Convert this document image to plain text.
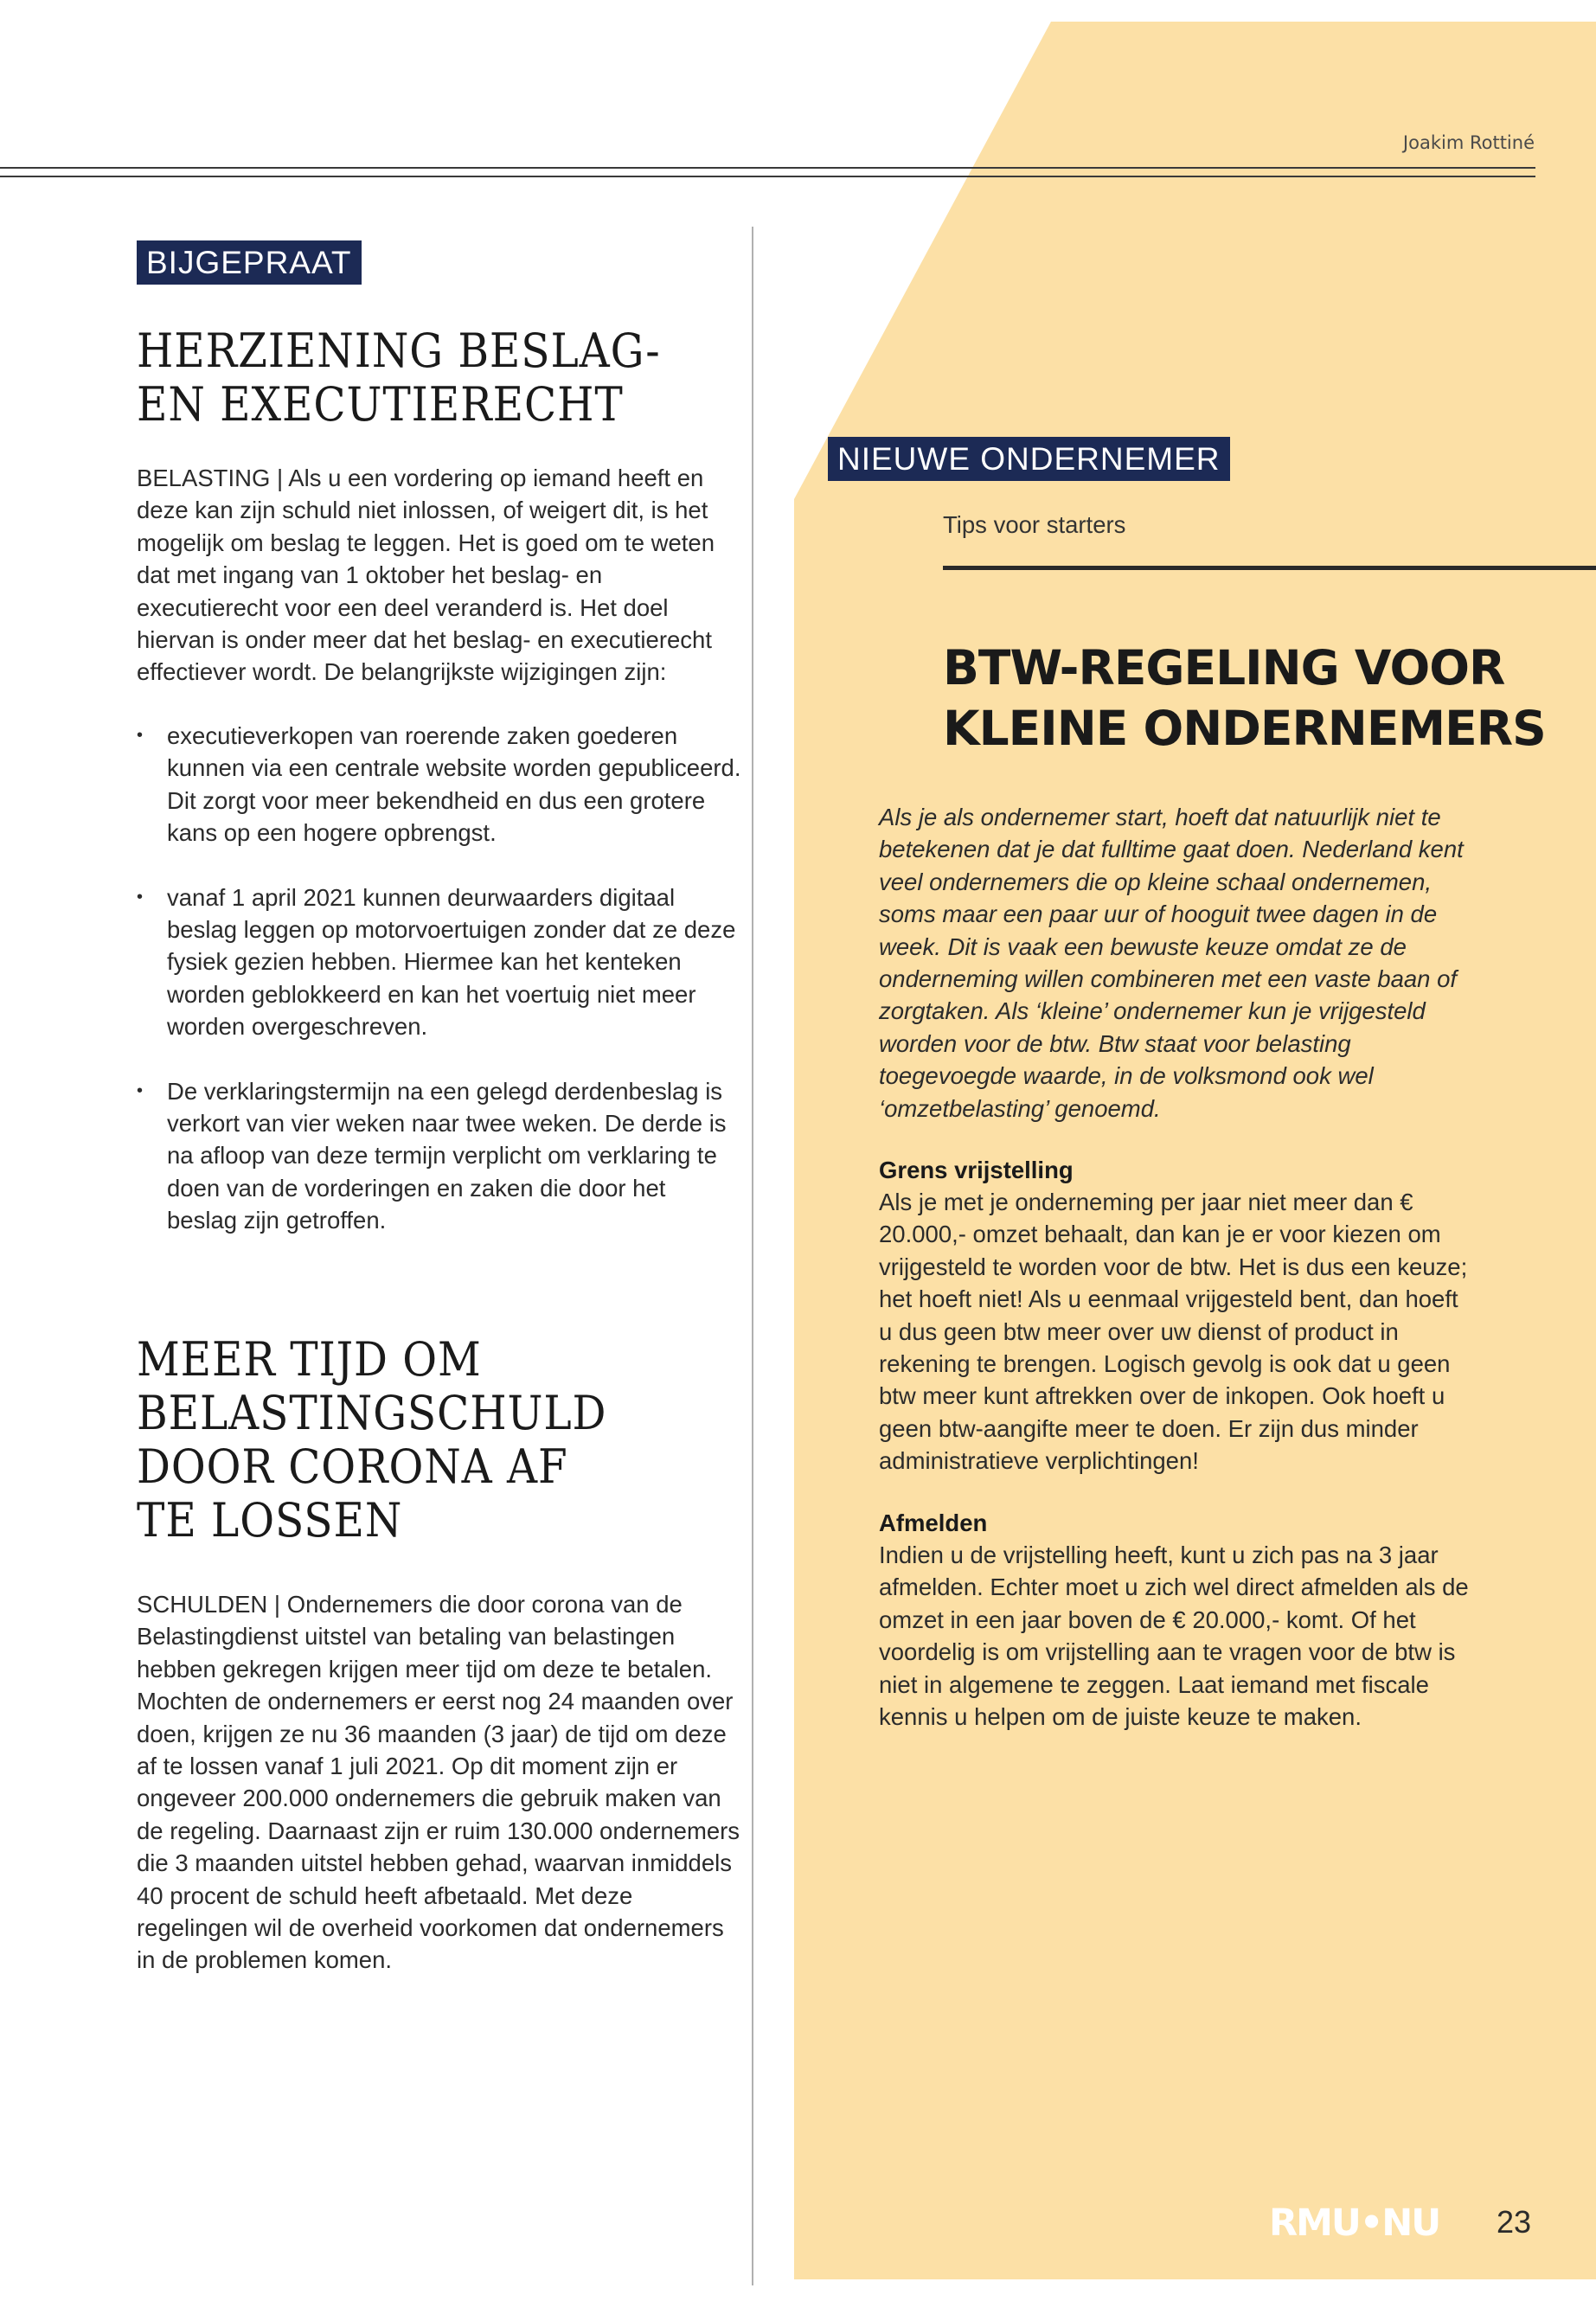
Joakim Rottiné
BIJGEPRAAT
HERZIENING BESLAG-
EN EXECUTIERECHT

BELASTING | Als u een vordering op iemand heeft en deze kan zijn schuld niet inlossen, of weigert dit, is het mogelijk om beslag te leggen. Het is goed om te weten dat met ingang van 1 oktober het beslag- en executierecht voor een deel veranderd is. Het doel hiervan is onder meer dat het beslag- en executierecht effectiever wordt. De belangrijkste wijzigingen zijn:

• executieverkopen van roerende zaken goederen kunnen via een centrale website worden gepubliceerd. Dit zorgt voor meer bekendheid en dus een grotere kans op een hogere opbrengst.
• vanaf 1 april 2021 kunnen deurwaarders digitaal beslag leggen op motorvoertuigen zonder dat ze deze fysiek gezien hebben. Hiermee kan het kenteken worden geblokkeerd en kan het voertuig niet meer worden overgeschreven.
• De verklaringstermijn na een gelegd derdenbeslag is verkort van vier weken naar twee weken. De derde is na afloop van deze termijn verplicht om verklaring te doen van de vorderingen en zaken die door het beslag zijn getroffen.
MEER TIJD OM
BELASTINGSCHULD
DOOR CORONA AF
TE LOSSEN

SCHULDEN | Ondernemers die door corona van de Belastingdienst uitstel van betaling van belastingen hebben gekregen krijgen meer tijd om deze te betalen. Mochten de ondernemers er eerst nog 24 maanden over doen, krijgen ze nu 36 maanden (3 jaar) de tijd om deze af te lossen vanaf 1 juli 2021. Op dit moment zijn er ongeveer 200.000 ondernemers die gebruik maken van de regeling. Daarnaast zijn er ruim 130.000 ondernemers die 3 maanden uitstel hebben gehad, waarvan inmiddels 40 procent de schuld heeft afbetaald. Met deze regelingen wil de overheid voorkomen dat ondernemers in de problemen komen.

NIEUWE ONDERNEMER
Tips voor starters
BTW-REGELING VOOR
KLEINE ONDERNEMERS

Als je als ondernemer start, hoeft dat natuurlijk niet te betekenen dat je dat fulltime gaat doen. Nederland kent veel ondernemers die op kleine schaal ondernemen, soms maar een paar uur of hooguit twee dagen in de week. Dit is vaak een bewuste keuze omdat ze de onderneming willen combineren met een vaste baan of zorgtaken. Als ‘kleine’ ondernemer kun je vrijgesteld worden voor de btw. Btw staat voor belasting toegevoegde waarde, in de volksmond ook wel ‘omzetbelasting’ genoemd.

Grens vrijstelling

Als je met je onderneming per jaar niet meer dan € 20.000,- omzet behaalt, dan kan je er voor kiezen om vrijgesteld te worden voor de btw. Het is dus een keuze; het hoeft niet! Als u eenmaal vrijgesteld bent, dan hoeft u dus geen btw meer over uw dienst of product in rekening te brengen. Logisch gevolg is ook dat u geen btw meer kunt aftrekken over de inkopen. Ook hoeft u geen btw-aangifte meer te doen. Er zijn dus minder administratieve verplichtingen!

Afmelden

Indien u de vrijstelling heeft, kunt u zich pas na 3 jaar afmelden. Echter moet u zich wel direct afmelden als de omzet in een jaar boven de € 20.000,- komt. Of het voordelig is om vrijstelling aan te vragen voor de btw is niet in algemene te zeggen. Laat iemand met fiscale kennis u helpen om de juiste keuze te maken.

RMU•NU 23
